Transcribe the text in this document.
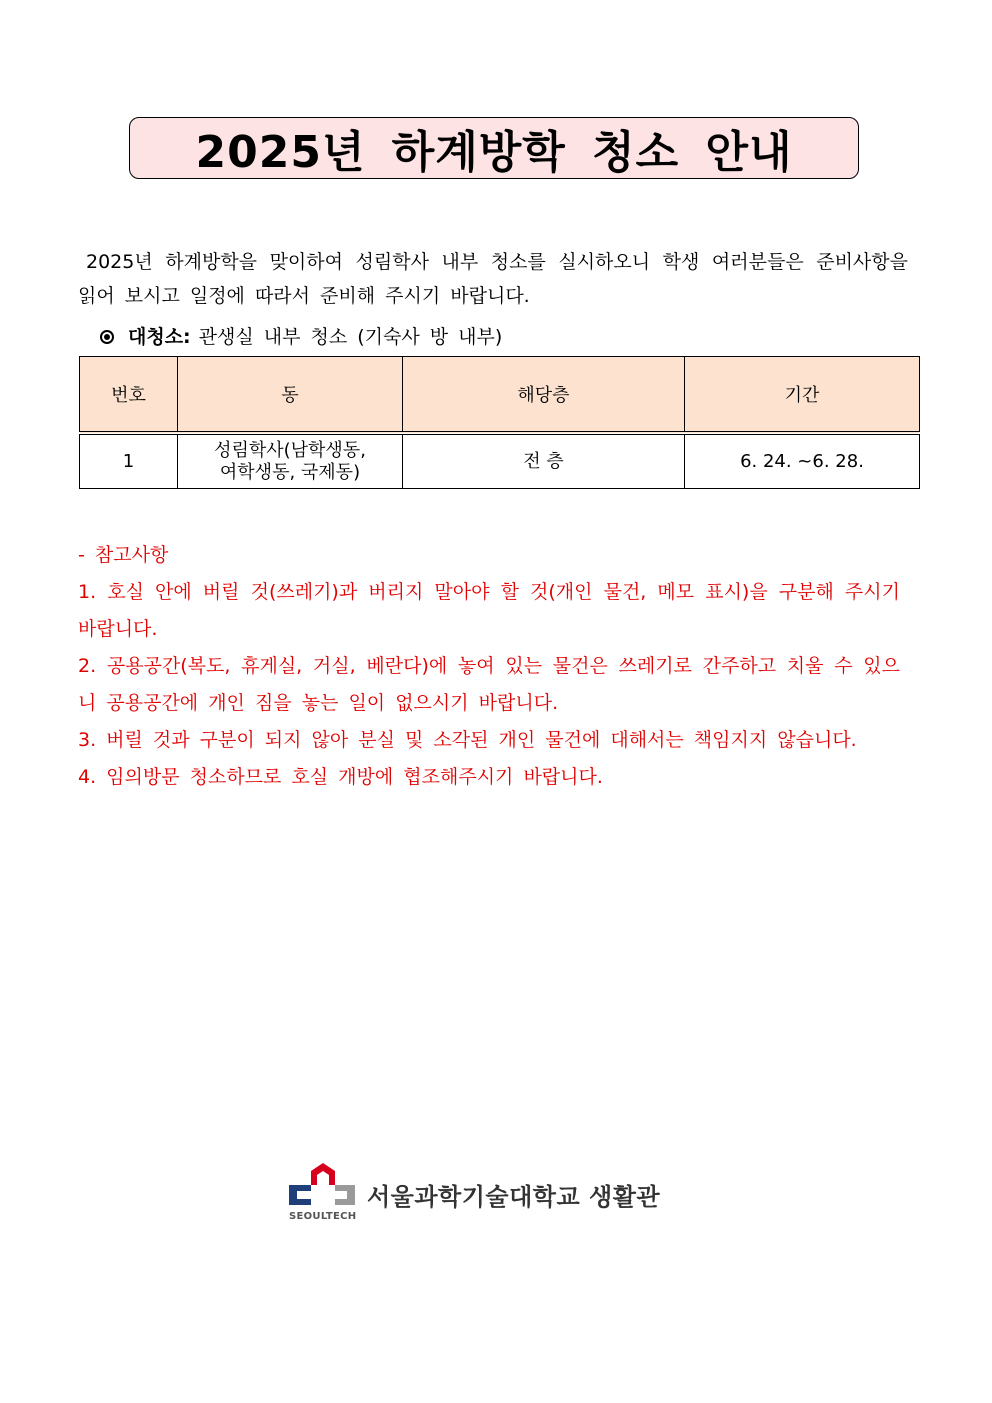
2025년 하계방학 청소 안내

2025년 하계방학을 맞이하여 성림학사 내부 청소를 실시하오니 학생 여러분들은 준비사항을 읽어 보시고 일정에 따라서 준비해 주시기 바랍니다.

대청소: 관생실 내부 청소 (기숙사 방 내부)
번호	동	해당층	기간
1	성림학사(남학생동,
여학생동, 국제동)	전 층	6. 24. ~6. 28.

- 참고사항

1. 호실 안에 버릴 것(쓰레기)과 버리지 말아야 할 것(개인 물건, 메모 표시)을 구분해 주시기 바랍니다.

2. 공용공간(복도, 휴게실, 거실, 베란다)에 놓여 있는 물건은 쓰레기로 간주하고 치울 수 있으니 공용공간에 개인 짐을 놓는 일이 없으시기 바랍니다.

3. 버릴 것과 구분이 되지 않아 분실 및 소각된 개인 물건에 대해서는 책임지지 않습니다.

4. 임의방문 청소하므로 호실 개방에 협조해주시기 바랍니다.

SEOULTECH
서울과학기술대학교 생활관
